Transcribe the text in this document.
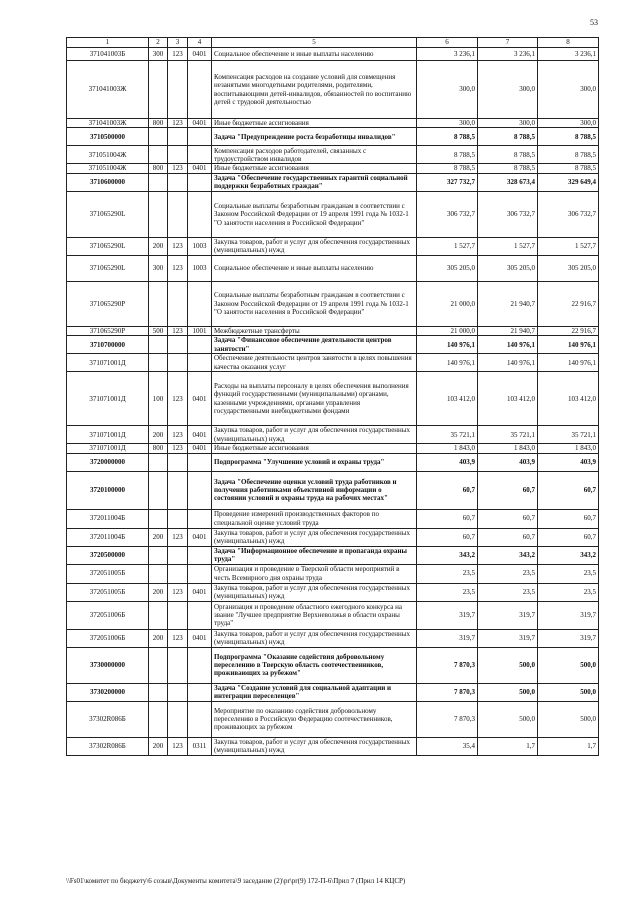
53
1	2	3	4	5	6	7	8
371041003Б	300	123	0401	Социальное обеспечение и иные выплаты населению	3 236,1	3 236,1	3 236,1
371041003Ж				Компенсация расходов на создание условий для совмещения незанятыми многодетными родителями, родителями, воспитывающими детей-инвалидов, обязанностей по воспитанию детей с трудовой деятельностью	300,0	300,0	300,0
371041003Ж	800	123	0401	Иные бюджетные ассигнования	300,0	300,0	300,0
3710500000				Задача "Предупреждение роста безработицы инвалидов"	8 788,5	8 788,5	8 788,5
371051004Ж				Компенсация расходов работодателей, связанных с трудоустройством инвалидов	8 788,5	8 788,5	8 788,5
371051004Ж	800	123	0401	Иные бюджетные ассигнования	8 788,5	8 788,5	8 788,5
3710600000				Задача "Обеспечение государственных гарантий социальной поддержки безработных граждан"	327 732,7	328 673,4	329 649,4
371065290L				Социальные выплаты безработным гражданам в соответствии с Законом Российской Федерации от 19 апреля 1991 года № 1032-1 "О занятости населения в Российской Федерации"	306 732,7	306 732,7	306 732,7
371065290L	200	123	1003	Закупка товаров, работ и услуг для обеспечения государственных (муниципальных) нужд	1 527,7	1 527,7	1 527,7
371065290L	300	123	1003	Социальное обеспечение и иные выплаты населению	305 205,0	305 205,0	305 205,0
371065290Р				Социальные выплаты безработным гражданам в соответствии с Законом Российской Федерации от 19 апреля 1991 года № 1032-1 "О занятости населения в Российской Федерации"	21 000,0	21 940,7	22 916,7
371065290Р	500	123	1001	Межбюджетные трансферты	21 000,0	21 940,7	22 916,7
3710700000				Задача "Финансовое обеспечение деятельности центров занятости"	140 976,1	140 976,1	140 976,1
371071001Д				Обеспечение деятельности центров занятости в целях повышения качества оказания услуг	140 976,1	140 976,1	140 976,1
371071001Д	100	123	0401	Расходы на выплаты персоналу в целях обеспечения выполнения функций государственными (муниципальными) органами, казенными учреждениями, органами управления государственными внебюджетными фондами	103 412,0	103 412,0	103 412,0
371071001Д	200	123	0401	Закупка товаров, работ и услуг для обеспечения государственных (муниципальных) нужд	35 721,1	35 721,1	35 721,1
371071001Д	800	123	0401	Иные бюджетные ассигнования	1 843,0	1 843,0	1 843,0
3720000000				Подпрограмма "Улучшение условий и охраны труда"	403,9	403,9	403,9
3720100000				Задача "Обеспечение оценки условий труда работников и получения работниками объективной информации о состоянии условий и охраны труда на рабочих местах"	60,7	60,7	60,7
372011004Б				Проведение измерений производственных факторов по специальной оценке условий труда	60,7	60,7	60,7
372011004Б	200	123	0401	Закупка товаров, работ и услуг для обеспечения государственных (муниципальных) нужд	60,7	60,7	60,7
3720500000				Задача "Информационное обеспечение и пропаганда охраны труда"	343,2	343,2	343,2
372051005Б				Организация и проведение в Тверской области мероприятий в честь Всемирного дня охраны труда	23,5	23,5	23,5
372051005Б	200	123	0401	Закупка товаров, работ и услуг для обеспечения государственных (муниципальных) нужд	23,5	23,5	23,5
372051006Б				Организация и проведение областного ежегодного конкурса на звание "Лучшее предприятие Верхневолжья в области охраны труда"	319,7	319,7	319,7
372051006Б	200	123	0401	Закупка товаров, работ и услуг для обеспечения государственных (муниципальных) нужд	319,7	319,7	319,7
3730000000				Подпрограмма "Оказание содействия добровольному переселению в Тверскую область соотечественников, проживающих за рубежом"	7 870,3	500,0	500,0
3730200000				Задача "Создание условий для социальной адаптации и интеграции переселенцев"	7 870,3	500,0	500,0
37302R086Б				Мероприятие по оказанию содействия добровольному переселению в Российскую Федерацию соотечественников, проживающих за рубежом	7 870,3	500,0	500,0
37302R086Б	200	123	0311	Закупка товаров, работ и услуг для обеспечения государственных (муниципальных) нужд	35,4	1,7	1,7
\\Fs01\комитет по бюджету\6 созыв\Документы комитета\9 заседание (2)\pr\pr(9) 172-П-6\Прил 7 (Прил 14 КЦСР)
